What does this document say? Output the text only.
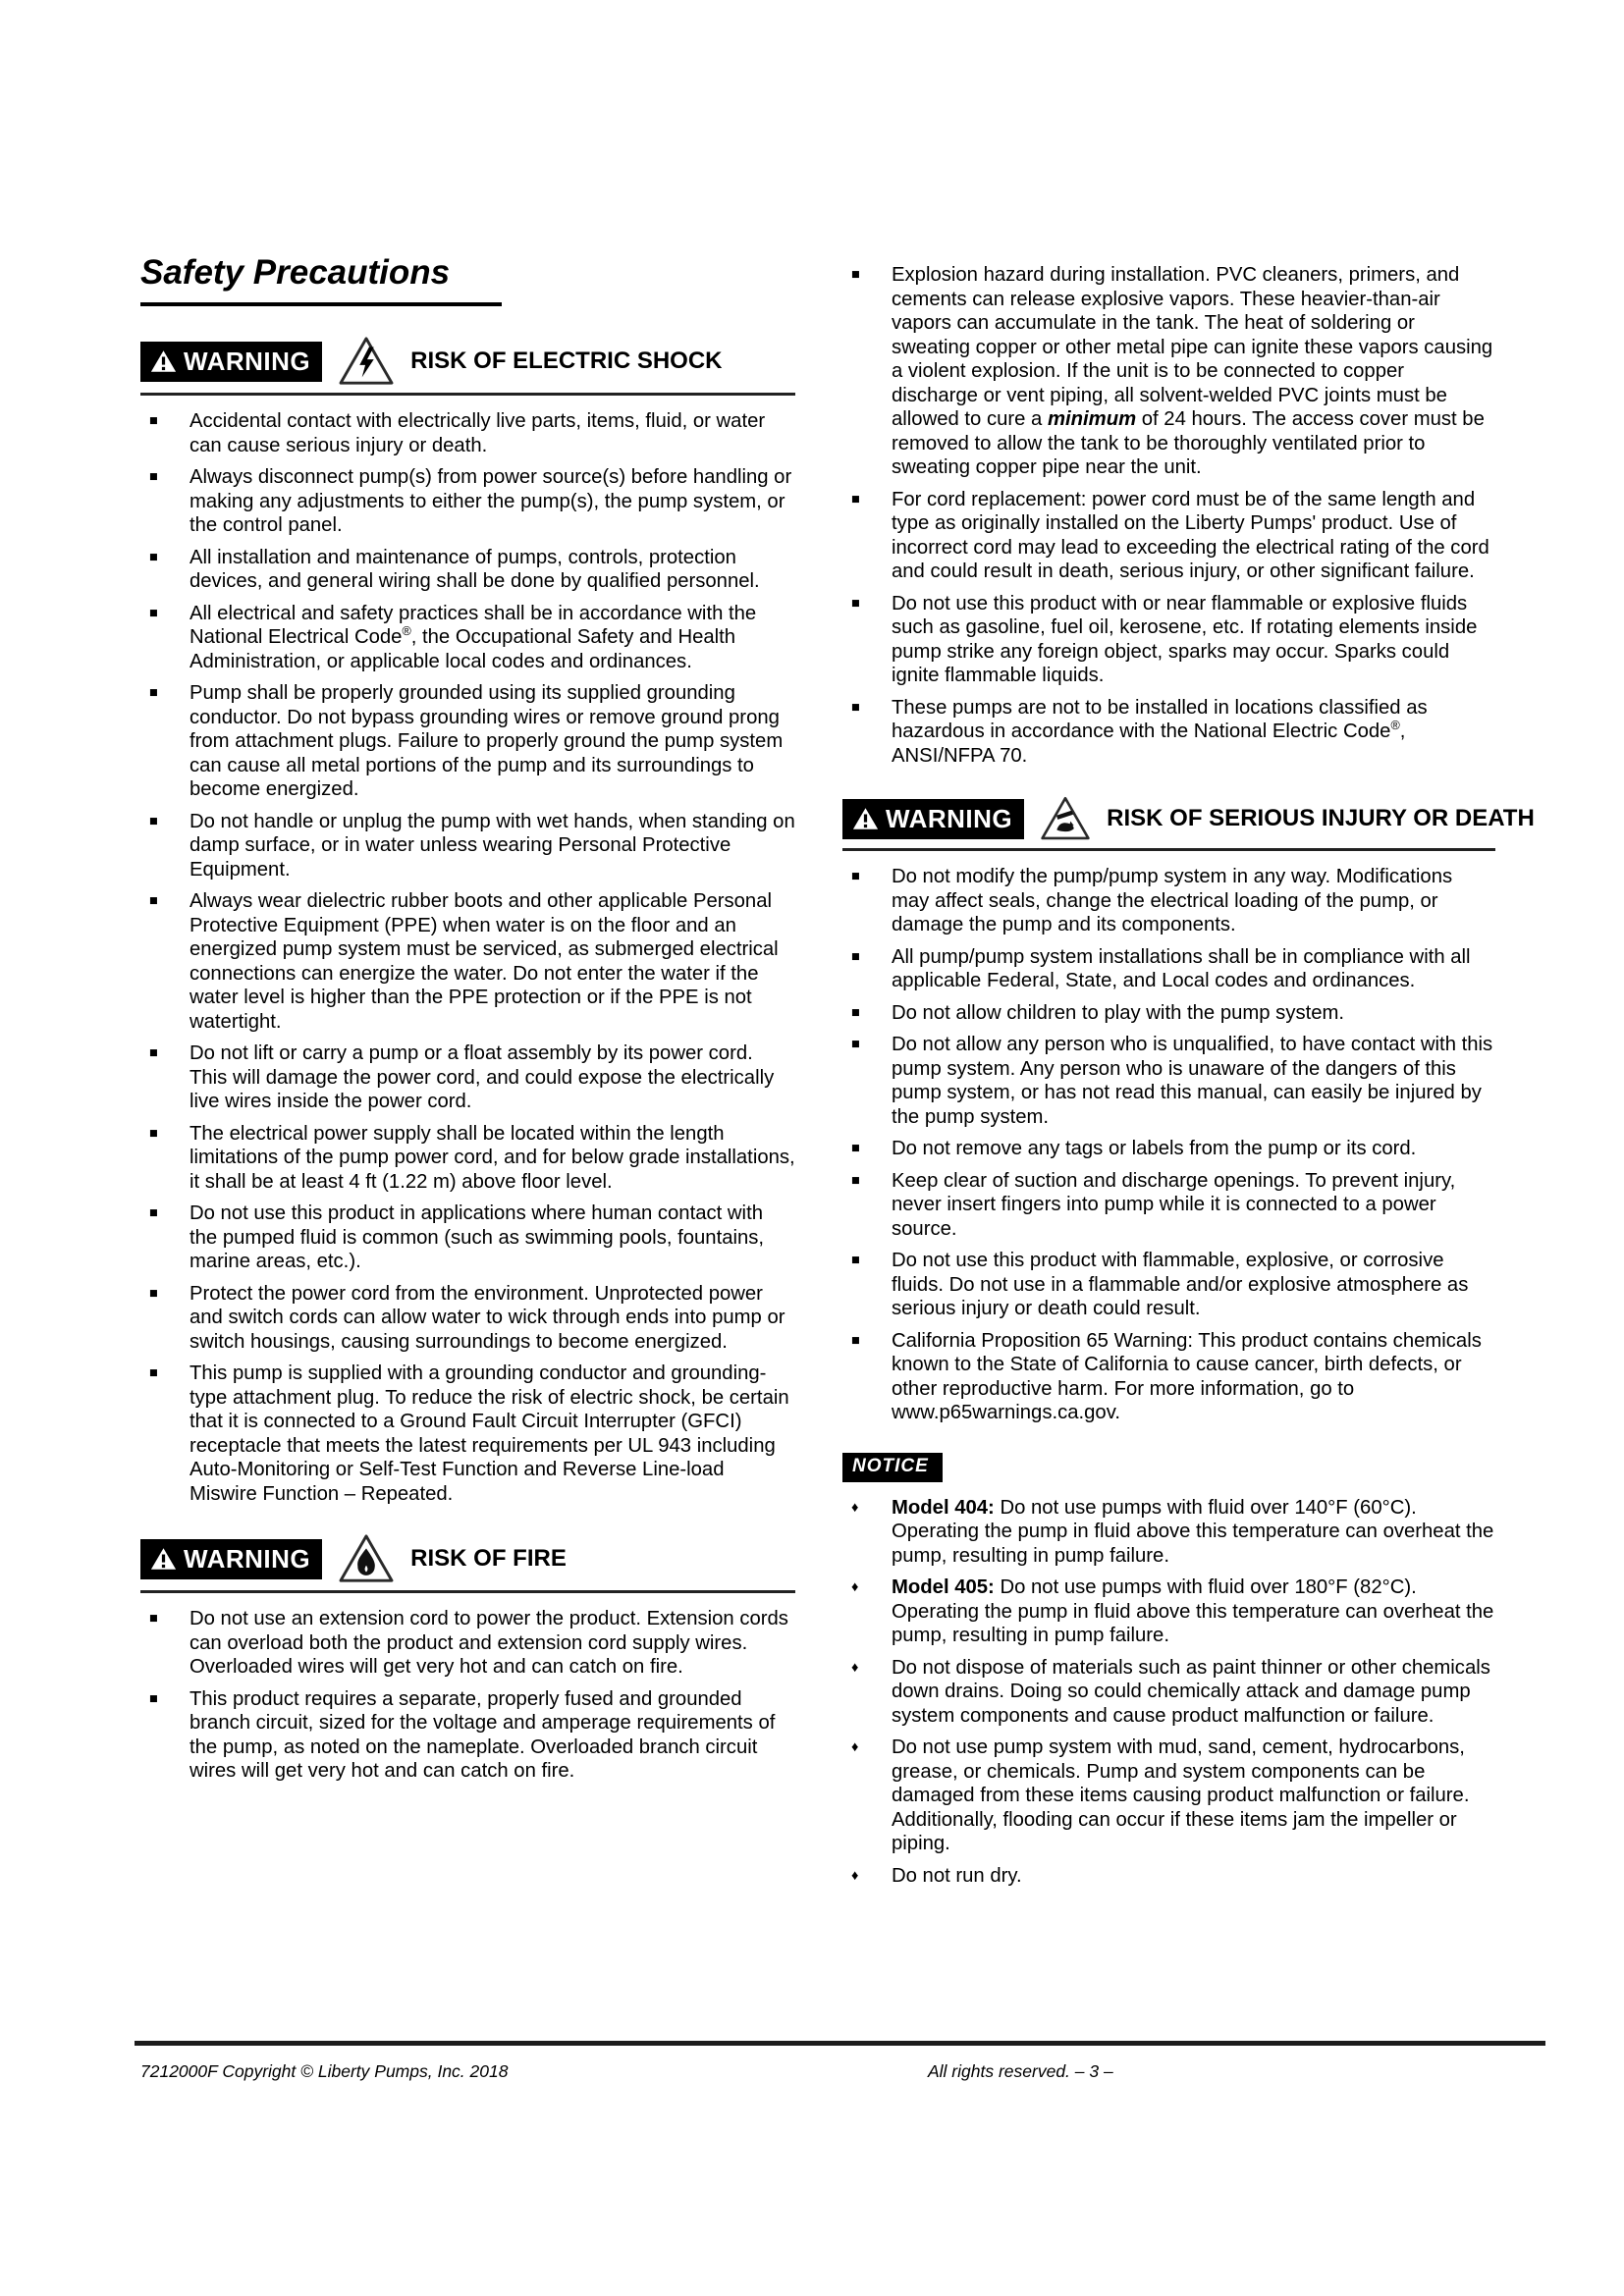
Safety Precautions
WARNING	RISK OF ELECTRIC SHOCK
■	Accidental contact with electrically live parts, items, fluid, or water can cause serious injury or death.
■	Always disconnect pump(s) from power source(s) before handling or making any adjustments to either the pump(s), the pump system, or the control panel.
■	All installation and maintenance of pumps, controls, protection devices, and general wiring shall be done by qualified personnel.
■	All electrical and safety practices shall be in accordance with the National Electrical Code®, the Occupational Safety and Health Administration, or applicable local codes and ordinances.
■	Pump shall be properly grounded using its supplied grounding conductor. Do not bypass grounding wires or remove ground prong from attachment plugs. Failure to properly ground the pump system can cause all metal portions of the pump and its surroundings to become energized.
■	Do not handle or unplug the pump with wet hands, when standing on damp surface, or in water unless wearing Personal Protective Equipment.
■	Always wear dielectric rubber boots and other applicable Personal Protective Equipment (PPE) when water is on the floor and an energized pump system must be serviced, as submerged electrical connections can energize the water. Do not enter the water if the water level is higher than the PPE protection or if the PPE is not watertight.
■	Do not lift or carry a pump or a float assembly by its power cord. This will damage the power cord, and could expose the electrically live wires inside the power cord.
■	The electrical power supply shall be located within the length limitations of the pump power cord, and for below grade installations, it shall be at least 4 ft (1.22 m) above floor level.
■	Do not use this product in applications where human contact with the pumped fluid is common (such as swimming pools, fountains, marine areas, etc.).
■	Protect the power cord from the environment. Unprotected power and switch cords can allow water to wick through ends into pump or switch housings, causing surroundings to become energized.
■	This pump is supplied with a grounding conductor and grounding-type attachment plug. To reduce the risk of electric shock, be certain that it is connected to a Ground Fault Circuit Interrupter (GFCI) receptacle that meets the latest requirements per UL 943 including Auto-Monitoring or Self-Test Function and Reverse Line-load Miswire Function – Repeated.
WARNING	RISK OF FIRE
■	Do not use an extension cord to power the product. Extension cords can overload both the product and extension cord supply wires. Overloaded wires will get very hot and can catch on fire.
■	This product requires a separate, properly fused and grounded branch circuit, sized for the voltage and amperage requirements of the pump, as noted on the nameplate. Overloaded branch circuit wires will get very hot and can catch on fire.
■	Explosion hazard during installation. PVC cleaners, primers, and cements can release explosive vapors. These heavier-than-air vapors can accumulate in the tank. The heat of soldering or sweating copper or other metal pipe can ignite these vapors causing a violent explosion. If the unit is to be connected to copper discharge or vent piping, all solvent-welded PVC joints must be allowed to cure a minimum of 24 hours. The access cover must be removed to allow the tank to be thoroughly ventilated prior to sweating copper pipe near the unit.
■	For cord replacement: power cord must be of the same length and type as originally installed on the Liberty Pumps' product. Use of incorrect cord may lead to exceeding the electrical rating of the cord and could result in death, serious injury, or other significant failure.
■	Do not use this product with or near flammable or explosive fluids such as gasoline, fuel oil, kerosene, etc. If rotating elements inside pump strike any foreign object, sparks may occur. Sparks could ignite flammable liquids.
■	These pumps are not to be installed in locations classified as hazardous in accordance with the National Electric Code®, ANSI/NFPA 70.
WARNING	RISK OF SERIOUS INJURY OR DEATH
■	Do not modify the pump/pump system in any way. Modifications may affect seals, change the electrical loading of the pump, or damage the pump and its components.
■	All pump/pump system installations shall be in compliance with all applicable Federal, State, and Local codes and ordinances.
■	Do not allow children to play with the pump system.
■	Do not allow any person who is unqualified, to have contact with this pump system. Any person who is unaware of the dangers of this pump system, or has not read this manual, can easily be injured by the pump system.
■	Do not remove any tags or labels from the pump or its cord.
■	Keep clear of suction and discharge openings. To prevent injury, never insert fingers into pump while it is connected to a power source.
■	Do not use this product with flammable, explosive, or corrosive fluids. Do not use in a flammable and/or explosive atmosphere as serious injury or death could result.
■	California Proposition 65 Warning: This product contains chemicals known to the State of California to cause cancer, birth defects, or other reproductive harm. For more information, go to www.p65warnings.ca.gov.
NOTICE
♦	Model 404: Do not use pumps with fluid over 140°F (60°C). Operating the pump in fluid above this temperature can overheat the pump, resulting in pump failure.
♦	Model 405: Do not use pumps with fluid over 180°F (82°C). Operating the pump in fluid above this temperature can overheat the pump, resulting in pump failure.
♦	Do not dispose of materials such as paint thinner or other chemicals down drains. Doing so could chemically attack and damage pump system components and cause product malfunction or failure.
♦	Do not use pump system with mud, sand, cement, hydrocarbons, grease, or chemicals. Pump and system components can be damaged from these items causing product malfunction or failure. Additionally, flooding can occur if these items jam the impeller or piping.
♦	Do not run dry.
7212000F Copyright © Liberty Pumps, Inc. 2018	All rights reserved. – 3 –
